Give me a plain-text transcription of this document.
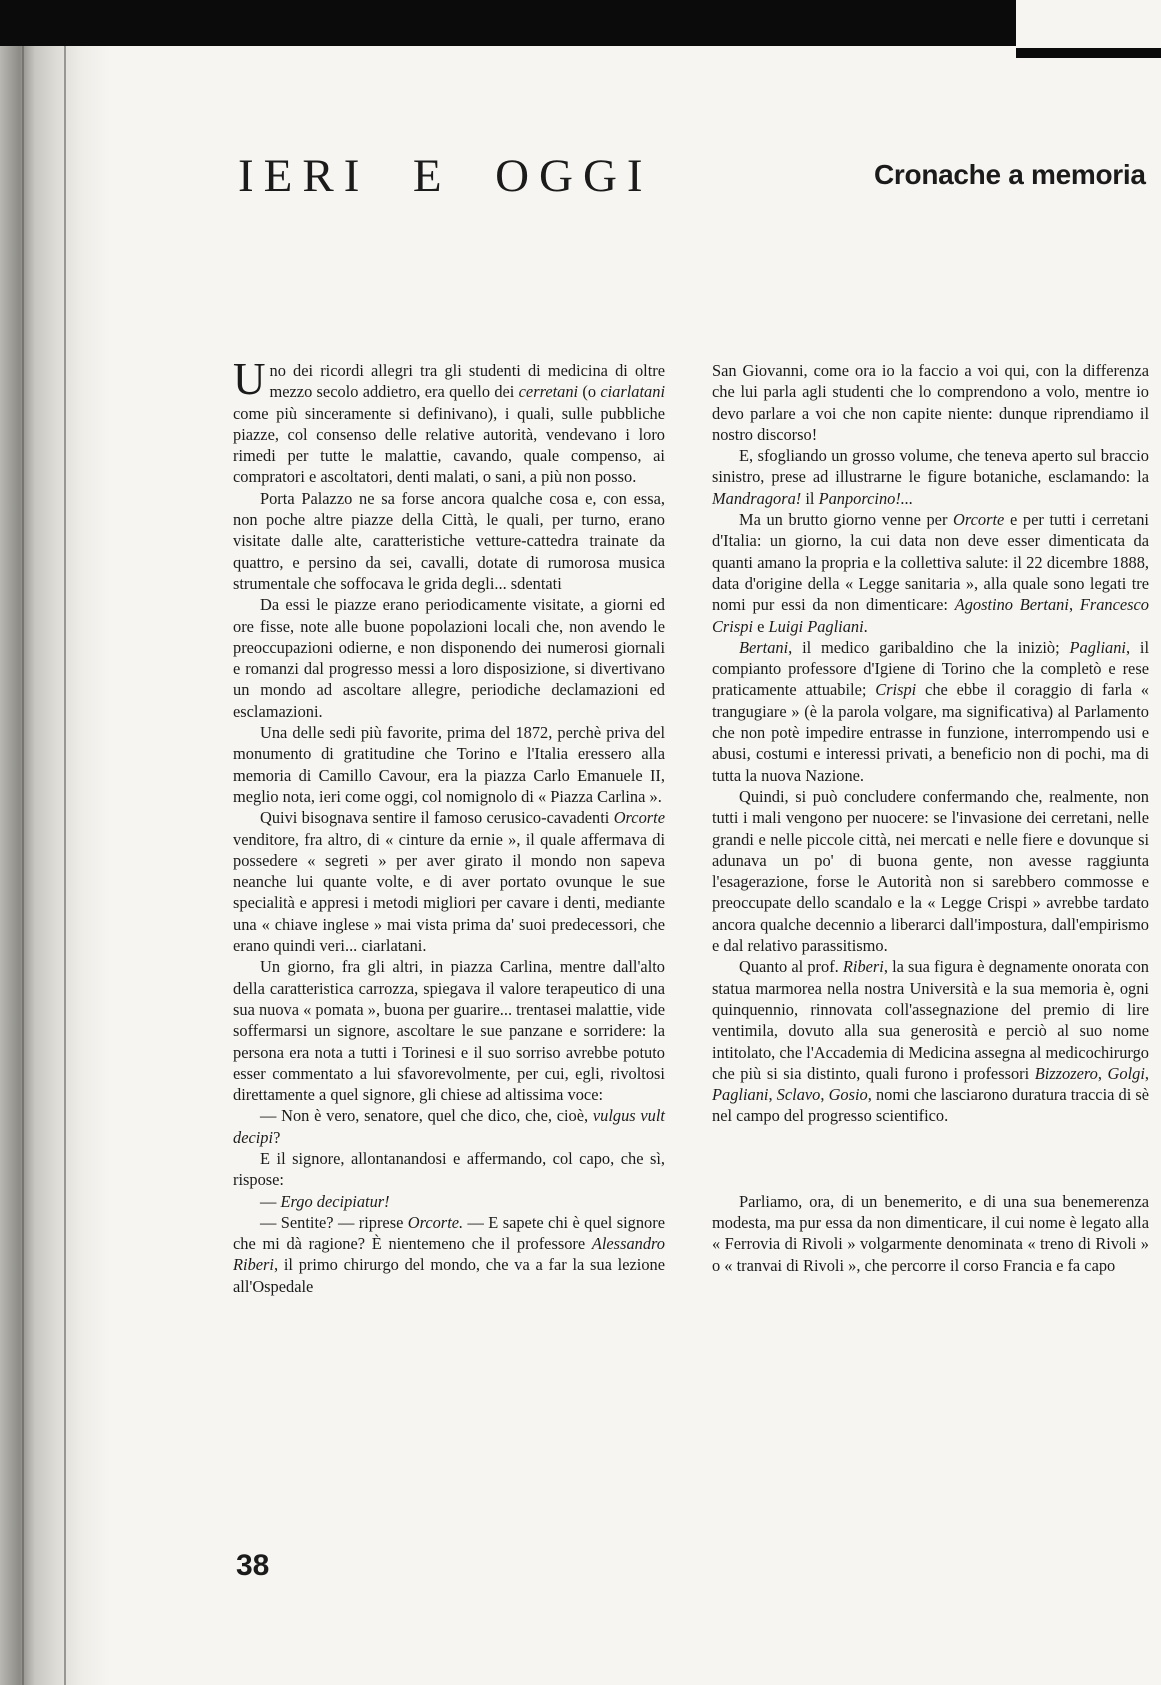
IERI  E  OGGI	Cronache a memoria

Uno dei ricordi allegri tra gli studenti di medicina di oltre mezzo secolo addietro, era quello dei cerretani (o ciarlatani come più sinceramente si definivano), i quali, sulle pubbliche piazze, col consenso delle relative autorità, vendevano i loro rimedi per tutte le malattie, cavando, quale compenso, ai compratori e ascoltatori, denti malati, o sani, a più non posso.

Porta Palazzo ne sa forse ancora qualche cosa e, con essa, non poche altre piazze della Città, le quali, per turno, erano visitate dalle alte, caratteristiche vetture-cattedra trainate da quattro, e persino da sei, cavalli, dotate di rumorosa musica strumentale che soffocava le grida degli... sdentati

Da essi le piazze erano periodicamente visitate, a giorni ed ore fisse, note alle buone popolazioni locali che, non avendo le preoccupazioni odierne, e non disponendo dei numerosi giornali e romanzi dal progresso messi a loro disposizione, si divertivano un mondo ad ascoltare allegre, periodiche declamazioni ed esclamazioni.

Una delle sedi più favorite, prima del 1872, perchè priva del monumento di gratitudine che Torino e l'Italia eressero alla memoria di Camillo Cavour, era la piazza Carlo Emanuele II, meglio nota, ieri come oggi, col nomignolo di « Piazza Carlina ».

Quivi bisognava sentire il famoso cerusico-cavadenti Orcorte venditore, fra altro, di « cinture da ernie », il quale affermava di possedere « segreti » per aver girato il mondo non sapeva neanche lui quante volte, e di aver portato ovunque le sue specialità e appresi i metodi migliori per cavare i denti, mediante una « chiave inglese » mai vista prima da' suoi predecessori, che erano quindi veri... ciarlatani.

Un giorno, fra gli altri, in piazza Carlina, mentre dall'alto della caratteristica carrozza, spiegava il valore terapeutico di una sua nuova « pomata », buona per guarire... trentasei malattie, vide soffermarsi un signore, ascoltare le sue panzane e sorridere: la persona era nota a tutti i Torinesi e il suo sorriso avrebbe potuto esser commentato a lui sfavorevolmente, per cui, egli, rivoltosi direttamente a quel signore, gli chiese ad altissima voce:

— Non è vero, senatore, quel che dico, che, cioè, vulgus vult decipi?

E il signore, allontanandosi e affermando, col capo, che sì, rispose:

— Ergo decipiatur!

— Sentite? — riprese Orcorte. — E sapete chi è quel signore che mi dà ragione? È nientemeno che il professore Alessandro Riberi, il primo chirurgo del mondo, che va a far la sua lezione all'Ospedale

San Giovanni, come ora io la faccio a voi qui, con la differenza che lui parla agli studenti che lo comprendono a volo, mentre io devo parlare a voi che non capite niente: dunque riprendiamo il nostro discorso!

E, sfogliando un grosso volume, che teneva aperto sul braccio sinistro, prese ad illustrarne le figure botaniche, esclamando: la Mandragora! il Panporcino!...

Ma un brutto giorno venne per Orcorte e per tutti i cerretani d'Italia: un giorno, la cui data non deve esser dimenticata da quanti amano la propria e la collettiva salute: il 22 dicembre 1888, data d'origine della « Legge sanitaria », alla quale sono legati tre nomi pur essi da non dimenticare: Agostino Bertani, Francesco Crispi e Luigi Pagliani.

Bertani, il medico garibaldino che la iniziò; Pagliani, il compianto professore d'Igiene di Torino che la completò e rese praticamente attuabile; Crispi che ebbe il coraggio di farla « trangugiare » (è la parola volgare, ma significativa) al Parlamento che non potè impedire entrasse in funzione, interrompendo usi e abusi, costumi e interessi privati, a beneficio non di pochi, ma di tutta la nuova Nazione.

Quindi, si può concludere confermando che, realmente, non tutti i mali vengono per nuocere: se l'invasione dei cerretani, nelle grandi e nelle piccole città, nei mercati e nelle fiere e dovunque si adunava un po' di buona gente, non avesse raggiunta l'esagerazione, forse le Autorità non si sarebbero commosse e preoccupate dello scandalo e la « Legge Crispi » avrebbe tardato ancora qualche decennio a liberarci dall'impostura, dall'empirismo e dal relativo parassitismo.

Quanto al prof. Riberi, la sua figura è degnamente onorata con statua marmorea nella nostra Università e la sua memoria è, ogni quinquennio, rinnovata coll'assegnazione del premio di lire ventimila, dovuto alla sua generosità e perciò al suo nome intitolato, che l'Accademia di Medicina assegna al medicochirurgo che più si sia distinto, quali furono i professori Bizzozero, Golgi, Pagliani, Sclavo, Gosio, nomi che lasciarono duratura traccia di sè nel campo del progresso scientifico.

Parliamo, ora, di un benemerito, e di una sua benemerenza modesta, ma pur essa da non dimenticare, il cui nome è legato alla « Ferrovia di Rivoli » volgarmente denominata « treno di Rivoli » o « tranvai di Rivoli », che percorre il corso Francia e fa capo

38
